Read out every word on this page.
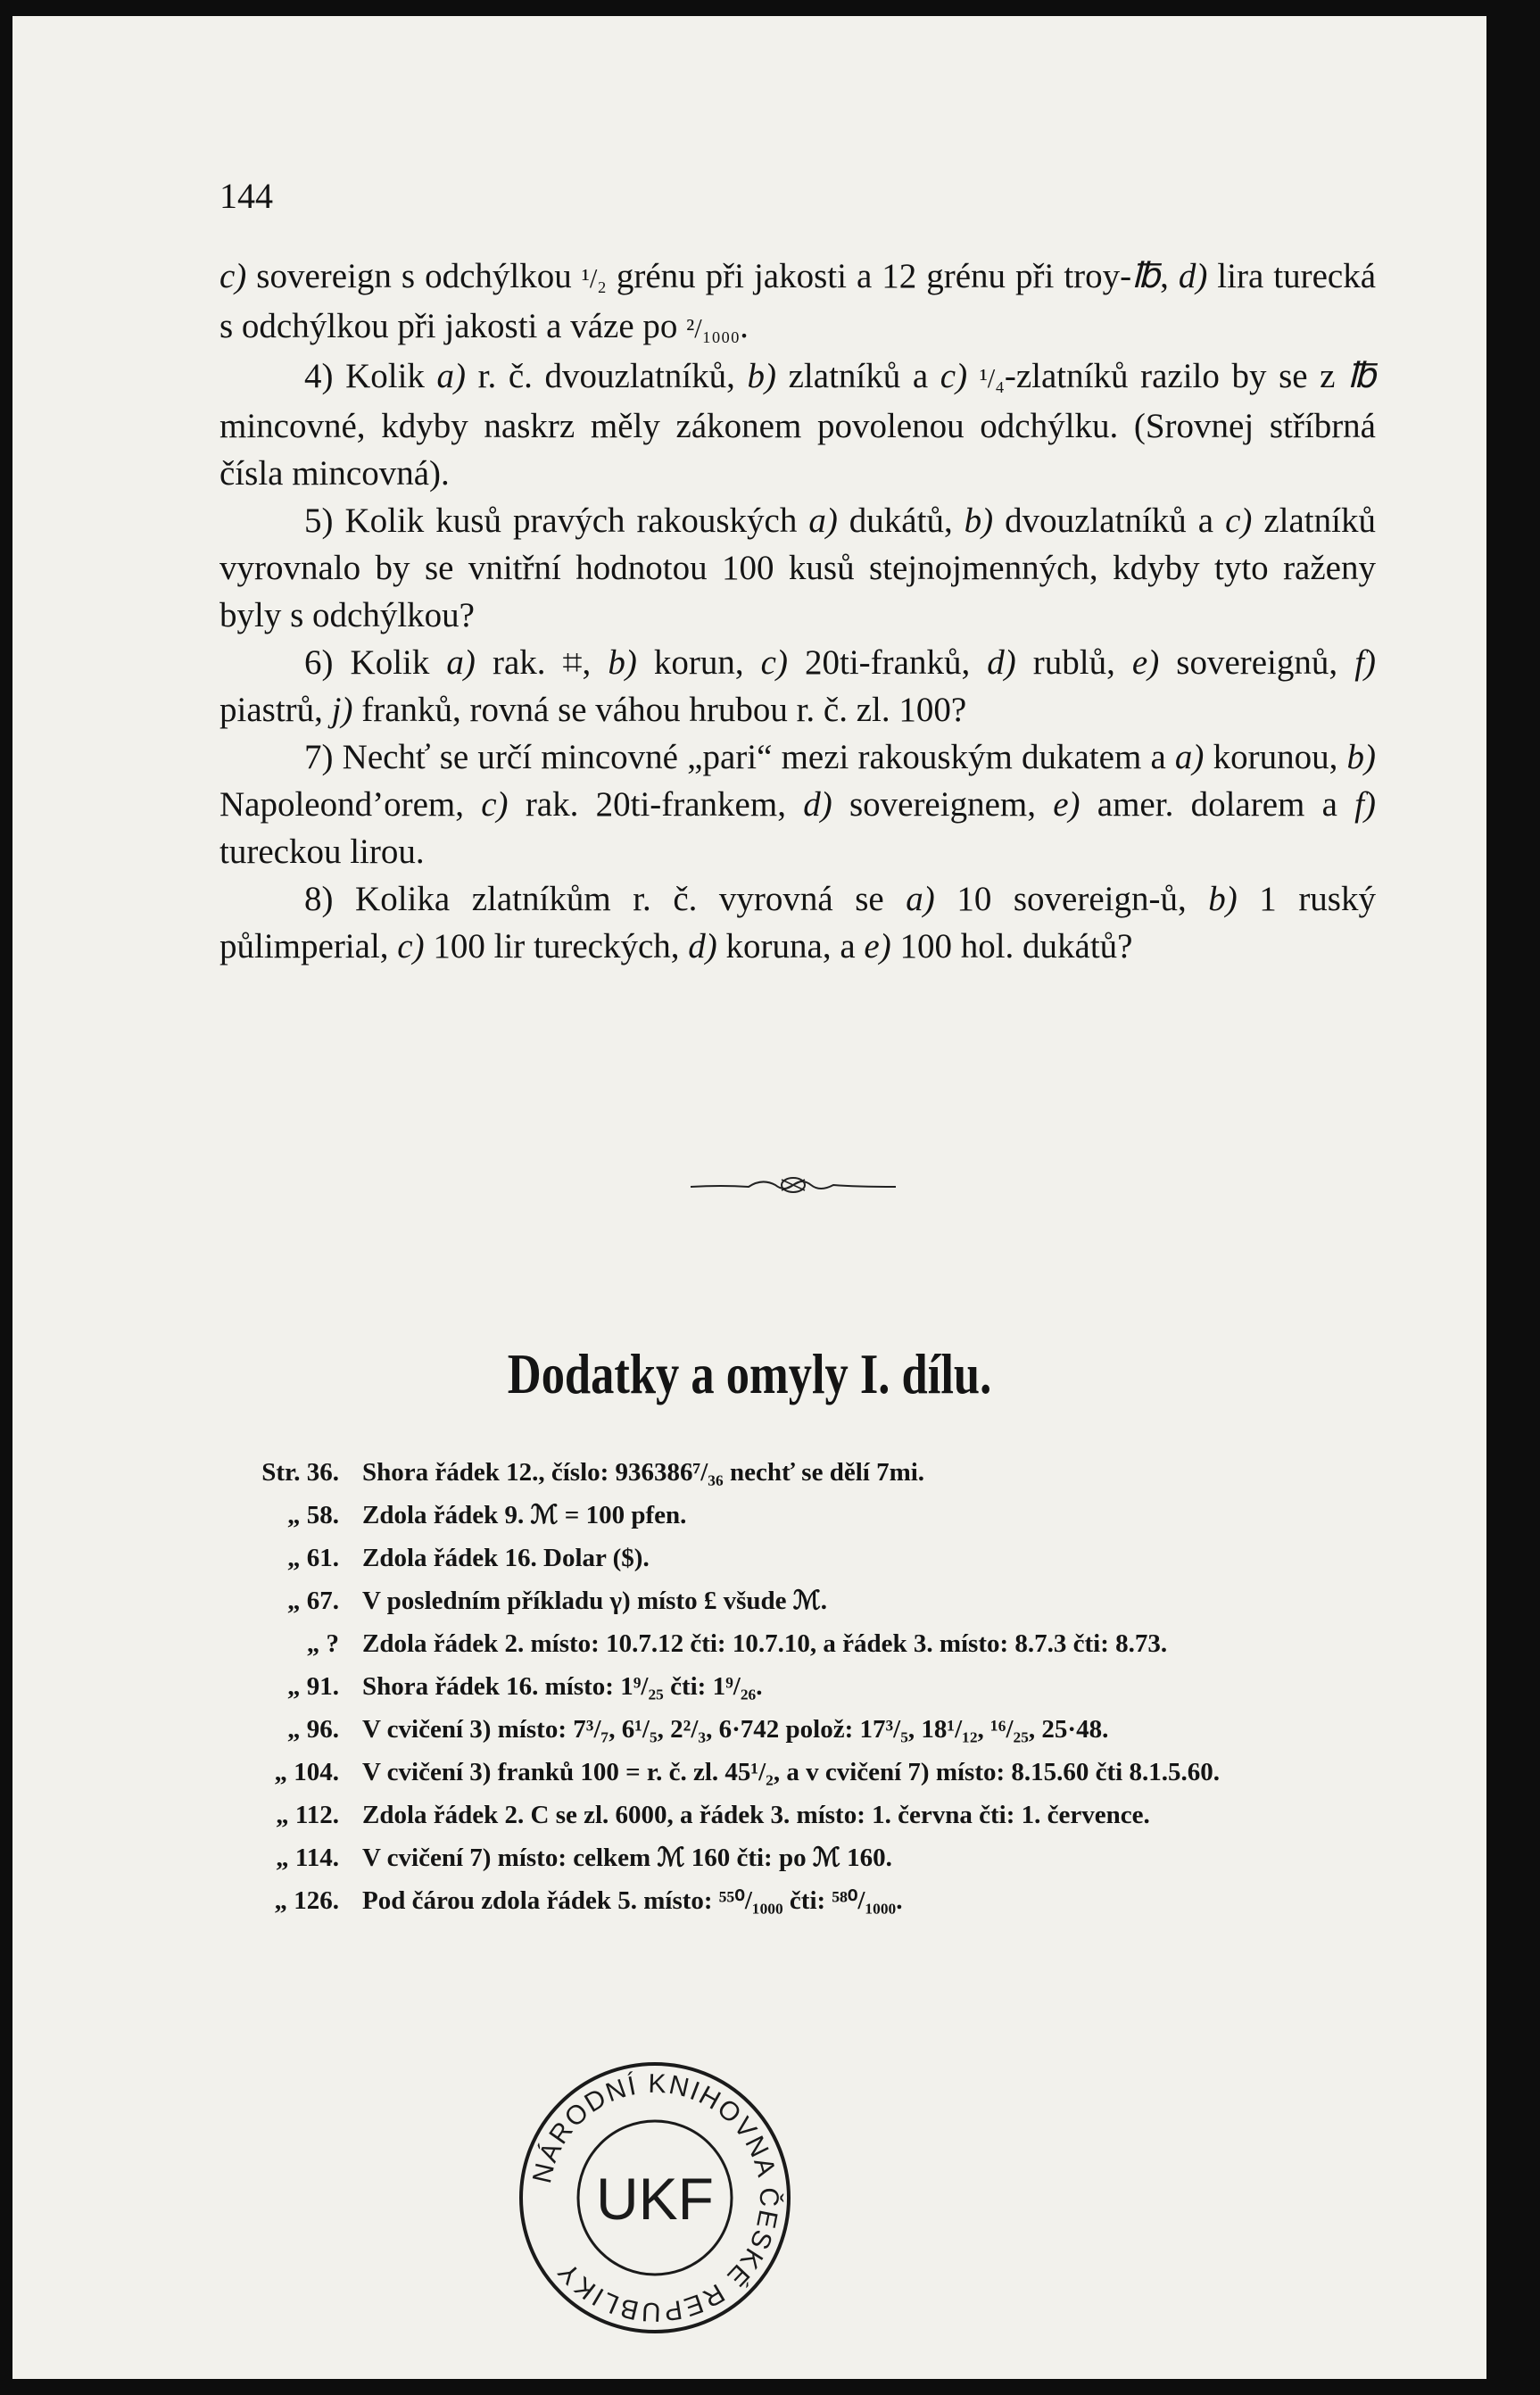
144

c) sovereign s odchýlkou ¹/₂ grénu při jakosti a 12 grénu při troy-℔, d) lira turecká s odchýlkou při jakosti a váze po ²/₁₀₀₀.

4) Kolik a) r. č. dvouzlatníků, b) zlatníků a c) ¹/₄-zlatníků razilo by se z ℔ mincovné, kdyby naskrz měly zákonem povolenou odchýlku. (Srovnej stříbrná čísla mincovná).

5) Kolik kusů pravých rakouských a) dukátů, b) dvouzlatníků a c) zlatníků vyrovnalo by se vnitřní hodnotou 100 kusů stejnojmenných, kdyby tyto raženy byly s odchýlkou?

6) Kolik a) rak. ⌗, b) korun, c) 20ti-franků, d) rublů, e) sovereignů, f) piastrů, j) franků, rovná se váhou hrubou r. č. zl. 100?

7) Nechť se určí mincovné „pari“ mezi rakouským dukatem a a) korunou, b) Napoleond’orem, c) rak. 20ti-frankem, d) sovereignem, e) amer. dolarem a f) tureckou lirou.

8) Kolika zlatníkům r. č. vyrovná se a) 10 sovereign-ů, b) 1 ruský půlimperial, c) 100 lir tureckých, d) koruna, a e) 100 hol. dukátů?

Dodatky a omyly I. dílu.
Str. 36. Shora řádek 12., číslo: 936386⁷/₃₆ nechť se dělí 7mi.
„ 58. Zdola řádek 9. ℳ = 100 pfen.
„ 61. Zdola řádek 16. Dolar ($).
„ 67. V posledním příkladu γ) místo £ všude ℳ.
„ ? Zdola řádek 2. místo: 10.7.12 čti: 10.7.10, a řádek 3. místo: 8.7.3 čti: 8.73.
„ 91. Shora řádek 16. místo: 1⁹/₂₅ čti: 1⁹/₂₆.
„ 96. V cvičení 3) místo: 7³/₇, 6¹/₅, 2²/₃, 6·742 polož: 17³/₅, 18¹/₁₂, ¹⁶/₂₅, 25·48.
„ 104. V cvičení 3) franků 100 = r. č. zl. 45¹/₂, a v cvičení 7) místo: 8.15.60 čti 8.1.5.60.
„ 112. Zdola řádek 2. C se zl. 6000, a řádek 3. místo: 1. června čti: 1. července.
„ 114. V cvičení 7) místo: celkem ℳ 160 čti: po ℳ 160.
„ 126. Pod čárou zdola řádek 5. místo: ⁵⁵⁰/₁₀₀₀ čti: ⁵⁸⁰/₁₀₀₀.
NÁRODNÍ KNIHOVNA ČESKÉ REPUBLIKY
UKF
